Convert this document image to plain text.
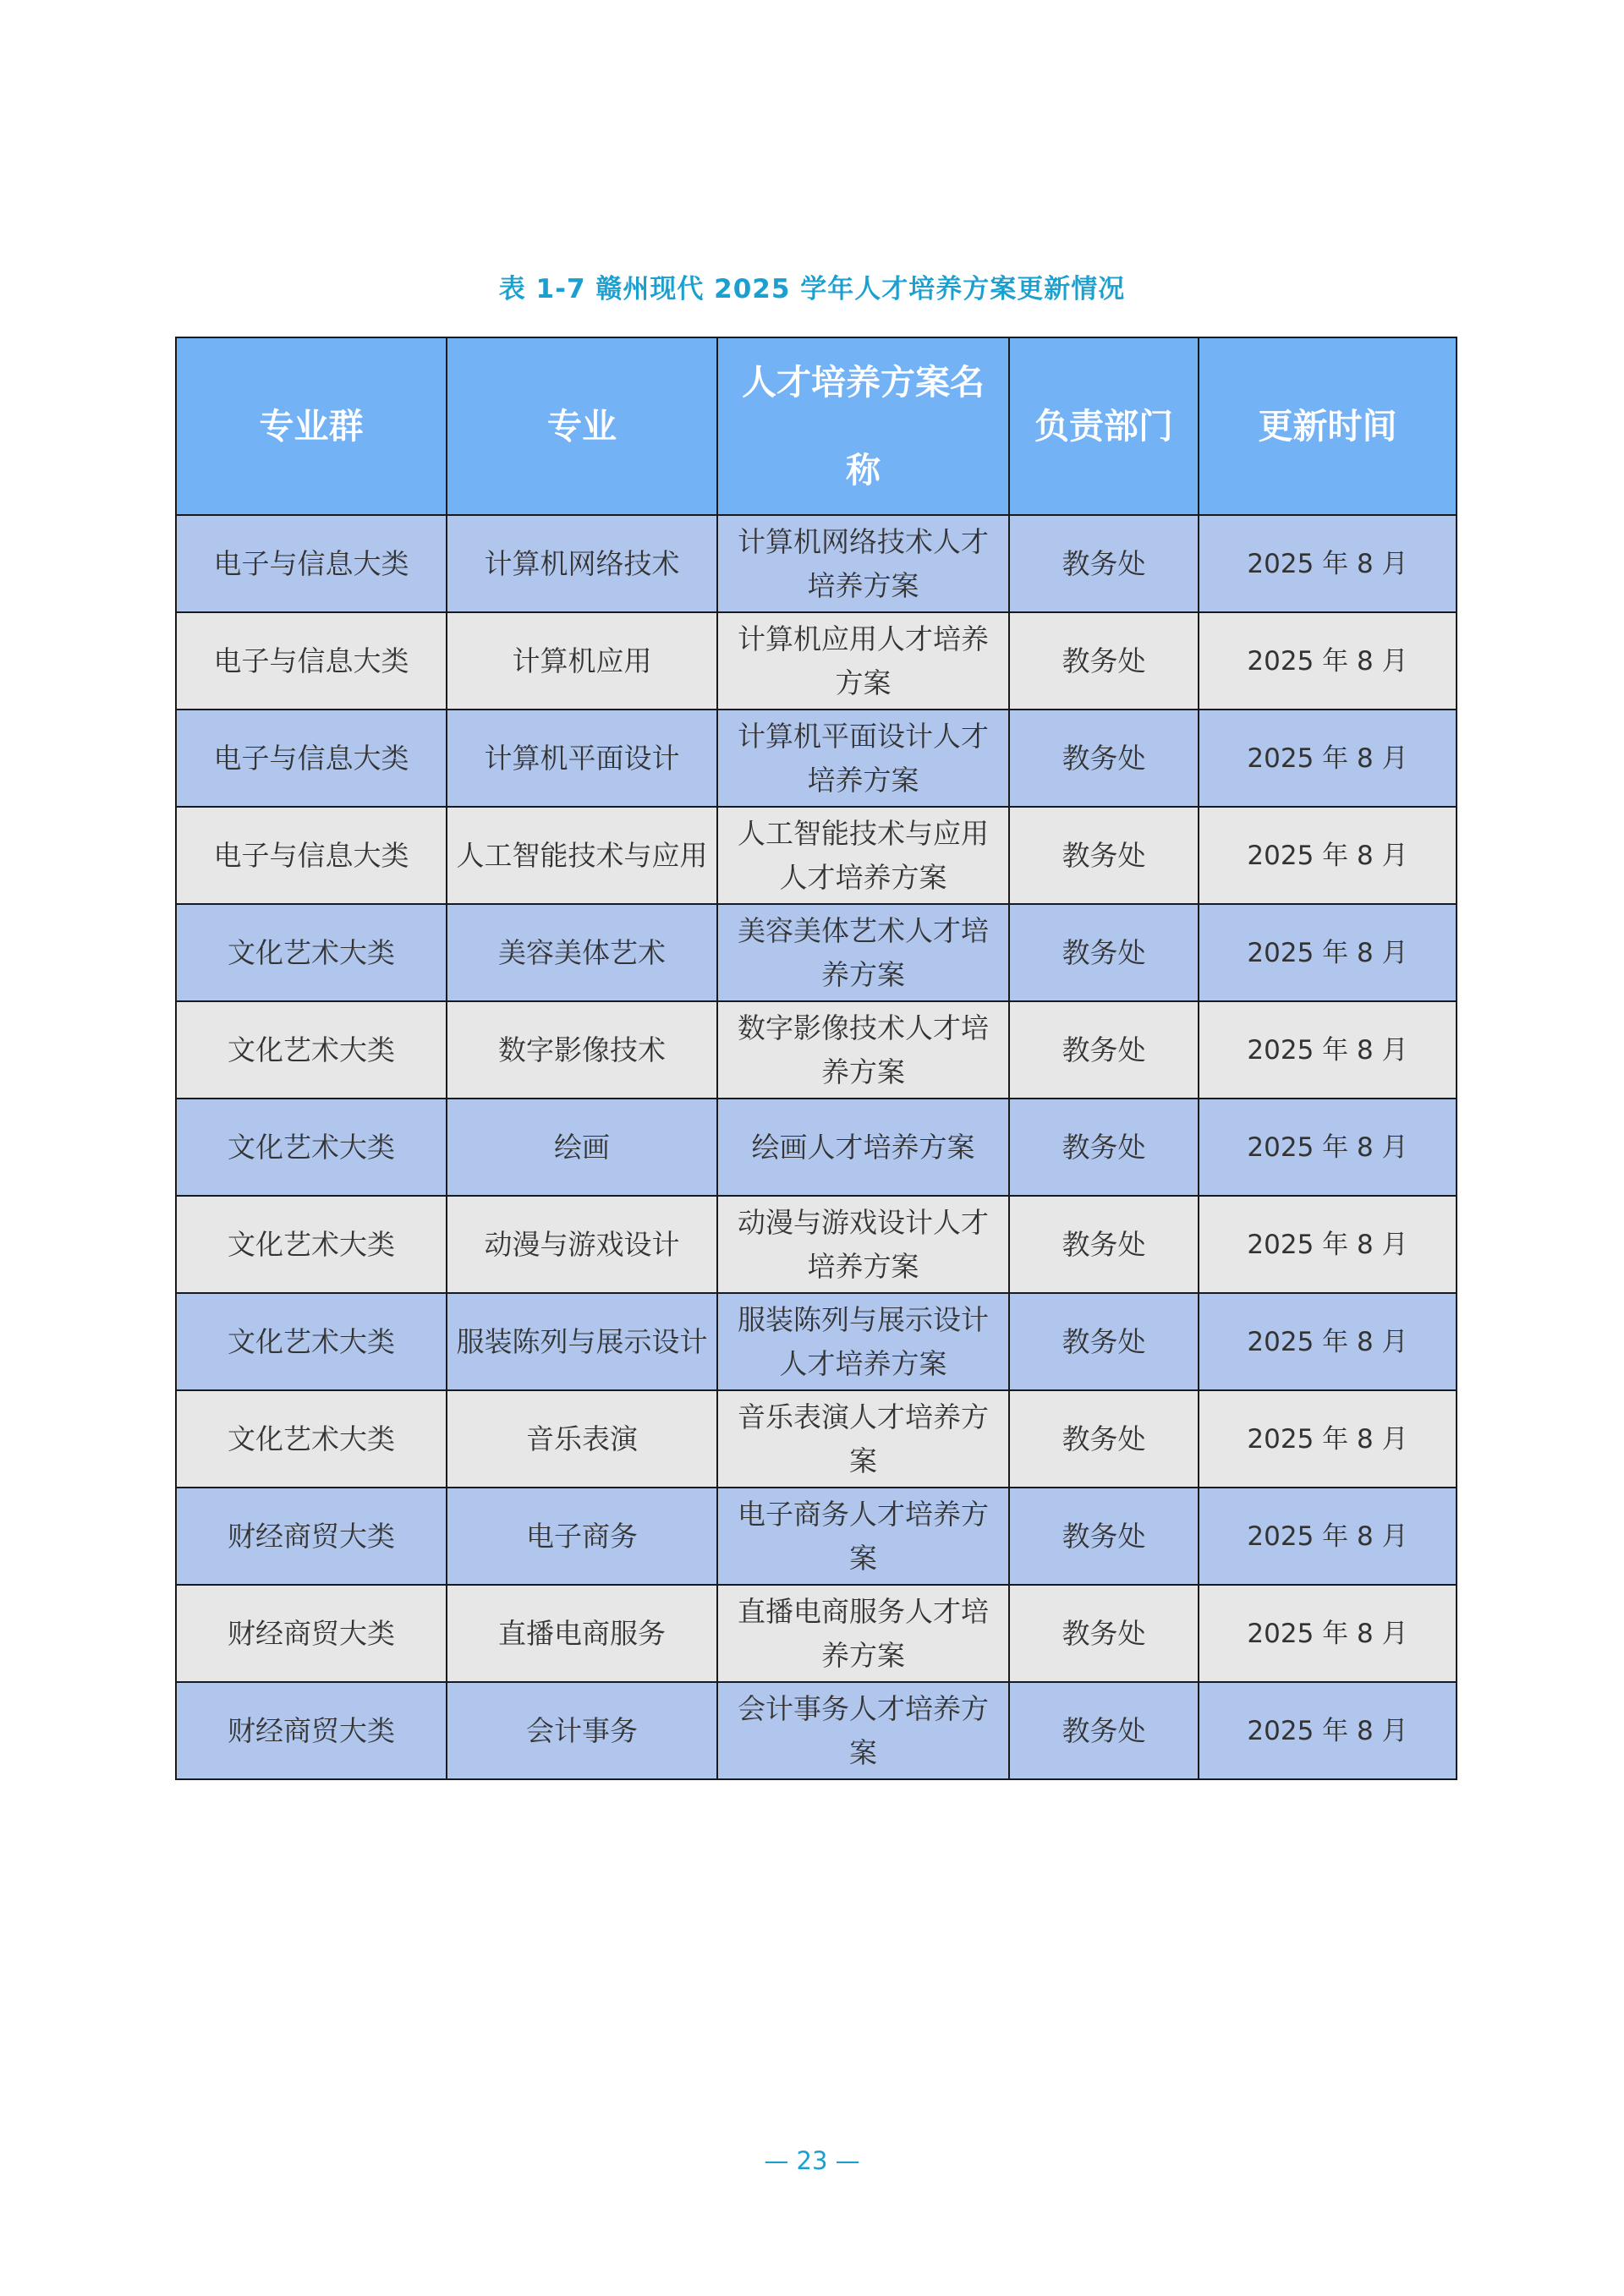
表 1-7 赣州现代 2025 学年人才培养方案更新情况
专业群	专业	人才培养方案名称	负责部门	更新时间
电子与信息大类	计算机网络技术	计算机网络技术人才培养方案	教务处	2025 年 8 月
电子与信息大类	计算机应用	计算机应用人才培养方案	教务处	2025 年 8 月
电子与信息大类	计算机平面设计	计算机平面设计人才培养方案	教务处	2025 年 8 月
电子与信息大类	人工智能技术与应用	人工智能技术与应用人才培养方案	教务处	2025 年 8 月
文化艺术大类	美容美体艺术	美容美体艺术人才培养方案	教务处	2025 年 8 月
文化艺术大类	数字影像技术	数字影像技术人才培养方案	教务处	2025 年 8 月
文化艺术大类	绘画	绘画人才培养方案	教务处	2025 年 8 月
文化艺术大类	动漫与游戏设计	动漫与游戏设计人才培养方案	教务处	2025 年 8 月
文化艺术大类	服装陈列与展示设计	服装陈列与展示设计人才培养方案	教务处	2025 年 8 月
文化艺术大类	音乐表演	音乐表演人才培养方案	教务处	2025 年 8 月
财经商贸大类	电子商务	电子商务人才培养方案	教务处	2025 年 8 月
财经商贸大类	直播电商服务	直播电商服务人才培养方案	教务处	2025 年 8 月
财经商贸大类	会计事务	会计事务人才培养方案	教务处	2025 年 8 月
— 23 —
